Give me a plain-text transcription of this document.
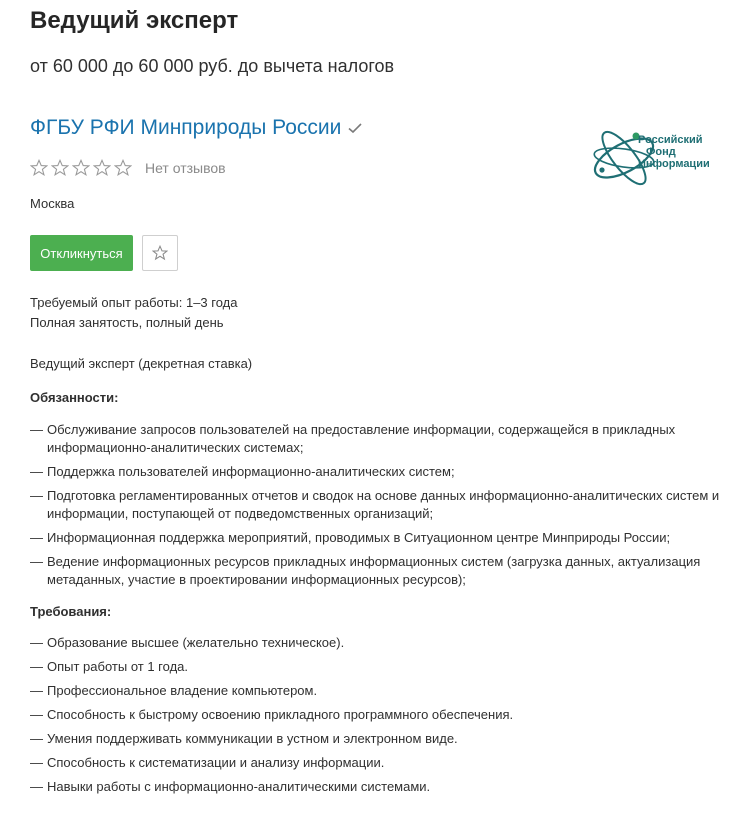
Ведущий эксперт
от 60 000 до 60 000 руб. до вычета налогов
ФГБУ РФИ Минприроды России
Нет отзывов
Москва
Откликнуться
Российский
Фонд
Информации
Требуемый опыт работы: 1–3 года
Полная занятость, полный день

Ведущий эксперт (декретная ставка)

Обязанности:

— Обслуживание запросов пользователей на предоставление информации, содержащейся в прикладных информационно-аналитических системах;
— Поддержка пользователей информационно-аналитических систем;
— Подготовка регламентированных отчетов и сводок на основе данных информационно-аналитических систем и информации, поступающей от подведомственных организаций;
— Информационная поддержка мероприятий, проводимых в Ситуационном центре Минприроды России;
— Ведение информационных ресурсов прикладных информационных систем (загрузка данных, актуализация метаданных, участие в проектировании информационных ресурсов);

Требования:

— Образование высшее (желательно техническое).
— Опыт работы от 1 года.
— Профессиональное владение компьютером.
— Способность к быстрому освоению прикладного программного обеспечения.
— Умения поддерживать коммуникации в устном и электронном виде.
— Способность к систематизации и анализу информации.
— Навыки работы с информационно-аналитическими системами.
